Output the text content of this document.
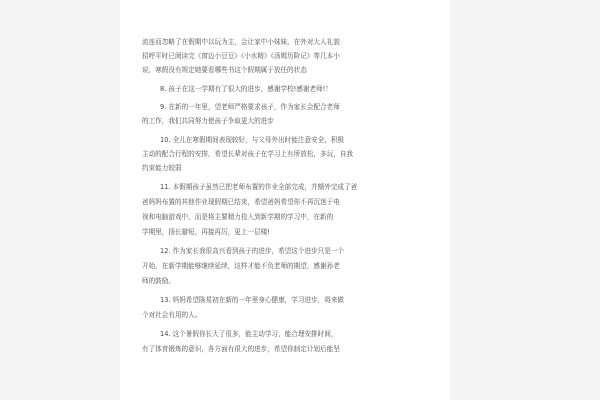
流连而忽略了在假期中以玩为主，会让家中小妹妹，在外对大人礼貌

招呼平时已阅读完《窗边小豆豆》《小水精》《汤姆历险记》等几本小

说，寒假没有规定她要看哪些书这个假期属于放任的状态

8. 孩子在这一学期有了很大的进步，感谢学校!感谢老师!！

9. 在新的一年里，望老师严格要求孩子，作为家长会配合老师

的工作，我们共同努力使孩子争取更大的进步

10. 全儿在寒假期间表现较好，与父母外出时能注意安全，积极

主动的配合行程的安排，希望长辈对孩子在学习上有所放松，多玩，自我

约束能力较弱

11. 本假期孩子虽然已把老师布置的作业全部完成，并额外完成了爸

爸妈妈布置的其他作业现假期已结束，希望爸妈希望你不再沉迷于电

视和电脑游戏中，而是将主要精力投入到新学期的学习中，在新的

学期里，扬长避短，再接再厉，更上一层楼!

12. 作为家长我很高兴看到孩子的进步，希望这个进步只是一个

开始，在新学期能够继续延续，这样才能不负老师的期望，感谢孙老

师的鼓励。

13. 妈妈希望陈易初在新的一年里身心健康，学习进步，将来做

个对社会有用的人。

14. 这个暑假你长大了很多，能主动学习，能合理安排时间，

有了体育锻炼的意识，各方面有很大的进步，希望你制定计划后能坚
